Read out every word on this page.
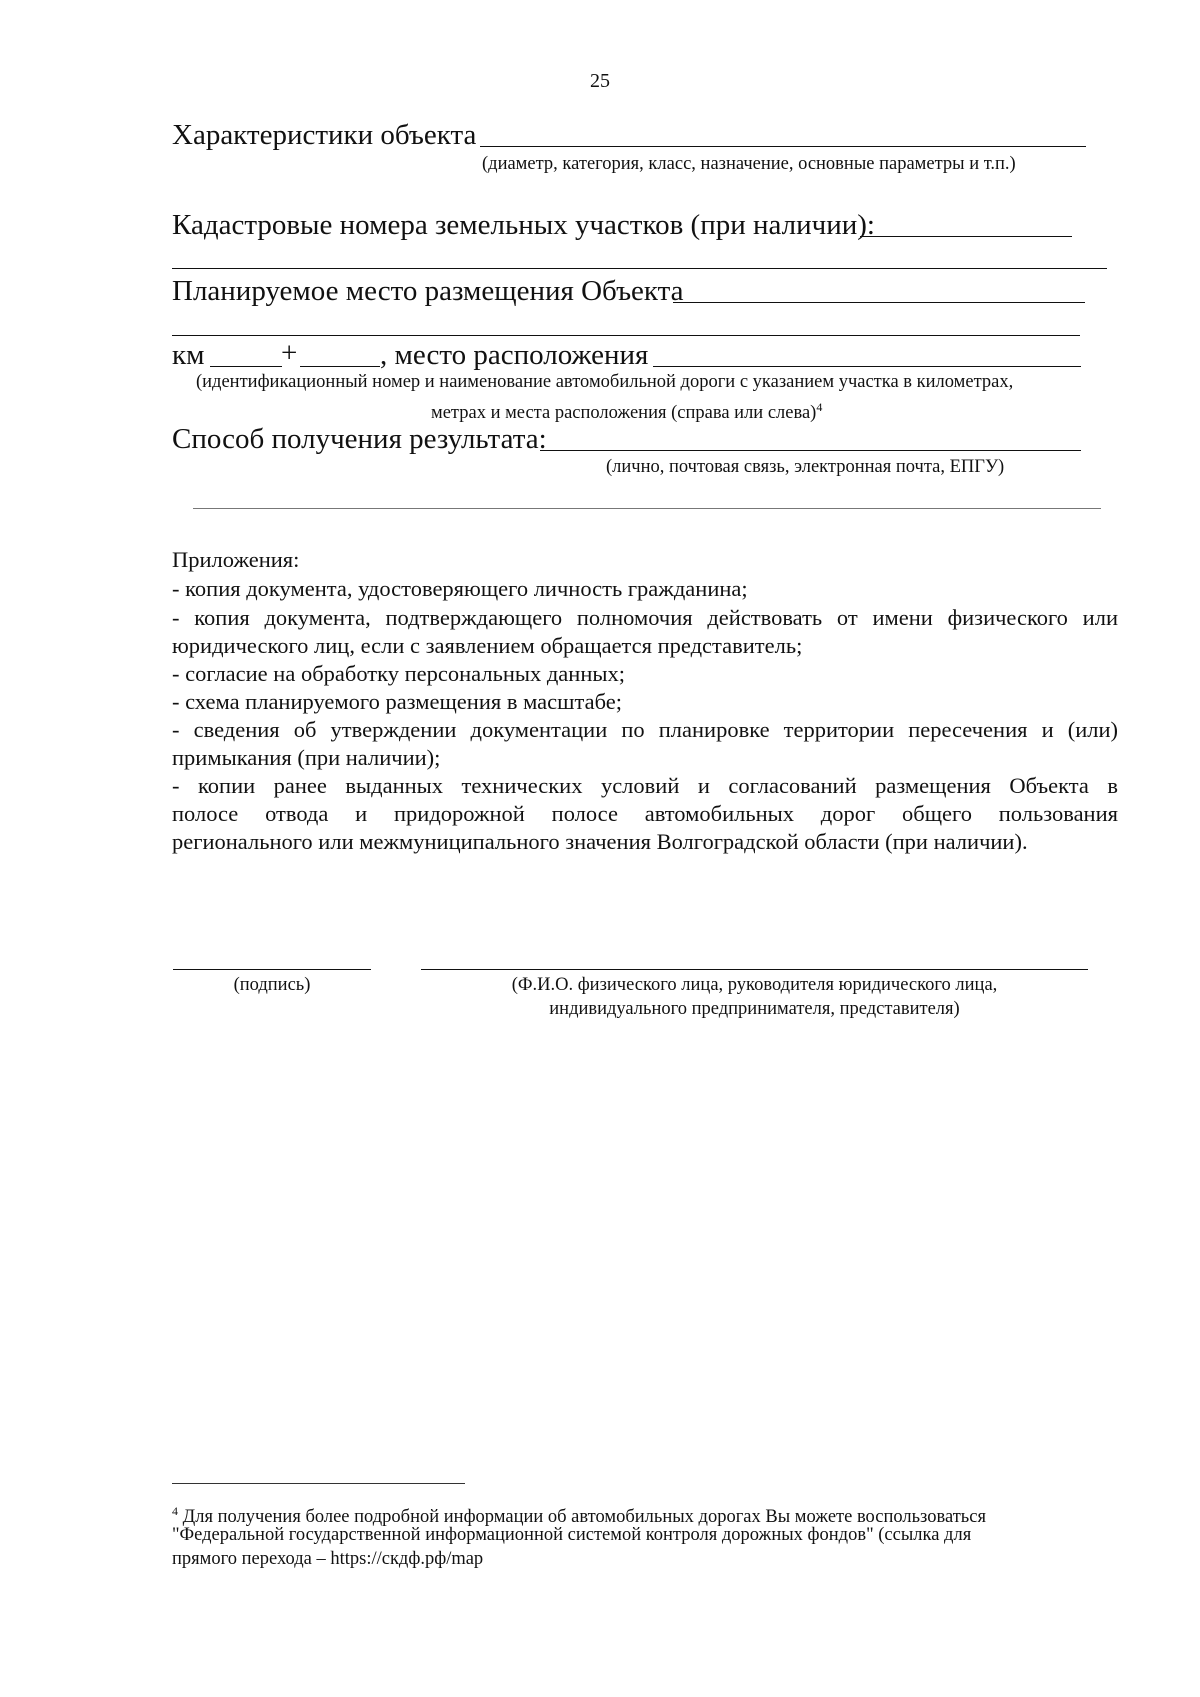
25
Характеристики объекта
(диаметр, категория, класс, назначение, основные параметры и т.п.)
Кадастровые номера земельных участков (при наличии):
Планируемое место размещения Объекта
км	+	, место расположения
(идентификационный номер и наименование автомобильной дороги с указанием участка в километрах,
метрах и места расположения (справа или слева)$^4$
Способ получения результата:
(лично, почтовая связь, электронная почта, ЕПГУ)
Приложения:
- копия документа, удостоверяющего личность гражданина;
- копия документа, подтверждающего полномочия действовать от имени физического или
юридического лиц, если с заявлением обращается представитель;
- согласие на обработку персональных данных;
- схема планируемого размещения в масштабе;
- сведения об утверждении документации по планировке территории пересечения и (или)
примыкания (при наличии);
- копии ранее выданных технических условий и согласований размещения Объекта в
полосе отвода и придорожной полосе автомобильных дорог общего пользования
регионального или межмуниципального значения Волгоградской области (при наличии).
(подпись)	(Ф.И.О. физического лица, руководителя юридического лица,
индивидуального предпринимателя, представителя)
$^4$ Для получения более подробной информации об автомобильных дорогах Вы можете воспользоваться
"Федеральной государственной информационной системой контроля дорожных фондов" (ссылка для
прямого перехода – https://скдф.рф/map
